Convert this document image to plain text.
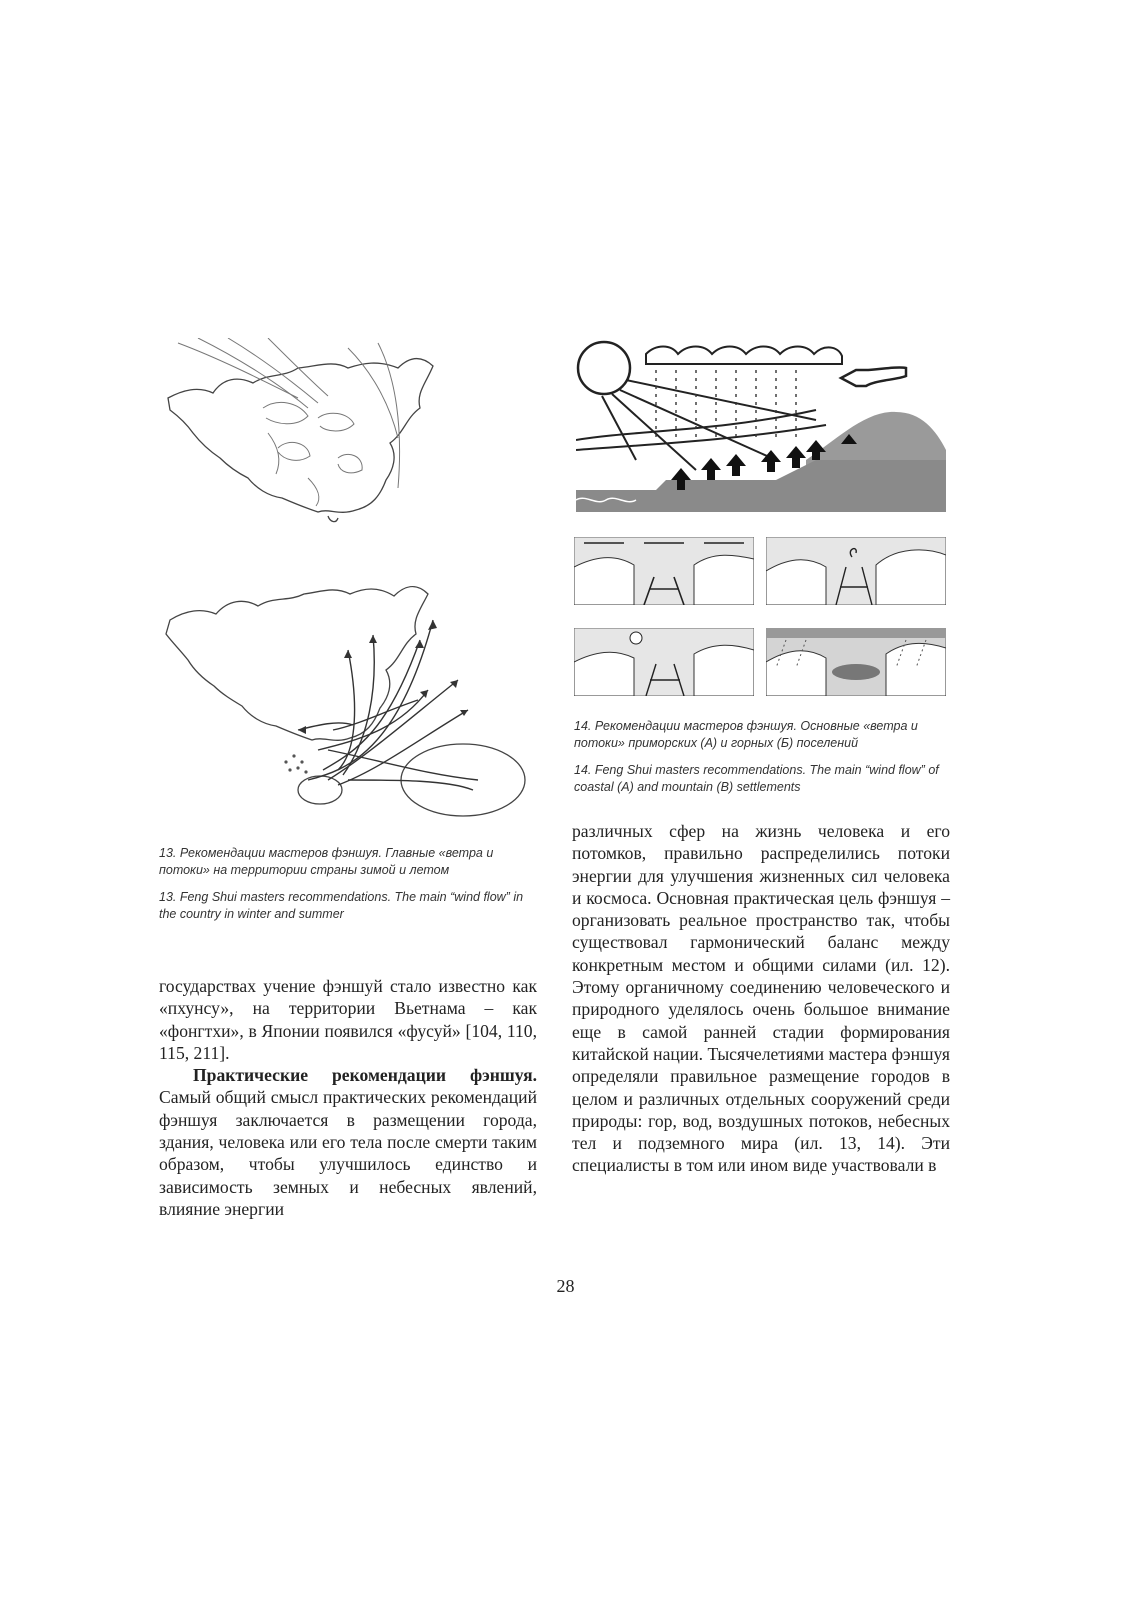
14. Рекомендации мастеров фэншуя. Основные «ветра и потоки» приморских (А) и горных (Б) поселений

14. Feng Shui masters recommendations. The main “wind flow” of coastal (A) and mountain (B) settlements

13. Рекомендации мастеров фэншуя. Главные «ветра и потоки» на территории страны зимой и летом

13. Feng Shui masters recommendations. The main “wind flow” in the country in winter and summer

государствах учение фэншуй стало известно как «пхунсу», на территории Вьетнама – как «фонгтхи», в Японии появился «фусуй» [104, 110, 115, 211].

Практические рекомендации фэншуя. Самый общий смысл практических рекомендаций фэншуя заключается в размещении города, здания, человека или его тела после смерти таким образом, чтобы улучшилось единство и зависимость земных и небесных явлений, влияние энергии

различных сфер на жизнь человека и его потомков, правильно распределились потоки энергии для улучшения жизненных сил человека и космоса. Основная практическая цель фэншуя – организовать реальное пространство так, чтобы существовал гармонический баланс между конкретным местом и общими силами (ил. 12). Этому органичному соединению человеческого и природного уделялось очень большое внимание еще в самой ранней стадии формирования китайской нации. Тысячелетиями мастера фэншуя определяли правильное размещение городов в целом и различных отдельных сооружений среди природы: гор, вод, воздушных потоков, небесных тел и подземного мира (ил. 13, 14). Эти специалисты в том или ином виде участвовали в

28
